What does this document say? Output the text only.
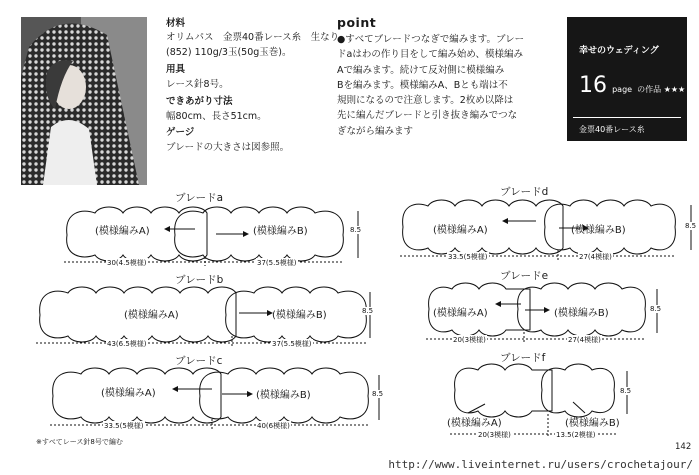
材料
オリムパス　金票40番レース糸　生なり
(852) 110g/3玉(50g玉巻)。
用具
レース針8号。
できあがり寸法
幅80cm、長さ51cm。
ゲージ
ブレードの大きさは図参照。
point
●すべてブレードつなぎで編みます。ブレー
ドaはわの作り目をして編み始め、模様編み
Aで編みます。続けて反対側に模様編み
Bを編みます。模様編みA、Bとも端は不
規則になるので注意します。2枚め以降は
先に編んだブレードと引き抜き編みでつな
ぎながら編みます
幸せのウェディング
16 page の作品 ★★★
金票40番レース糸
ブレードa
ブレードb
ブレードc
ブレードd
ブレードe
ブレードf
(模様編みA)	(模様編みB)
30(4.5模様)	37(5.5模様)
8.5
(模様編みA)	(模様編みB)
43(6.5模様)	37(5.5模様)
8.5
(模様編みA)	(模様編みB)
33.5(5模様)	40(6模様)
8.5
(模様編みA)	(模様編みB)
33.5(5模様)	27(4模様)
8.5
(模様編みA)	(模様編みB)
20(3模様)	27(4模様)
8.5
(模様編みA)	(模様編みB)
20(3模様)	13.5(2模様)
8.5
※すべてレース針8号で編む	142
http://www.liveinternet.ru/users/crochetajour/
